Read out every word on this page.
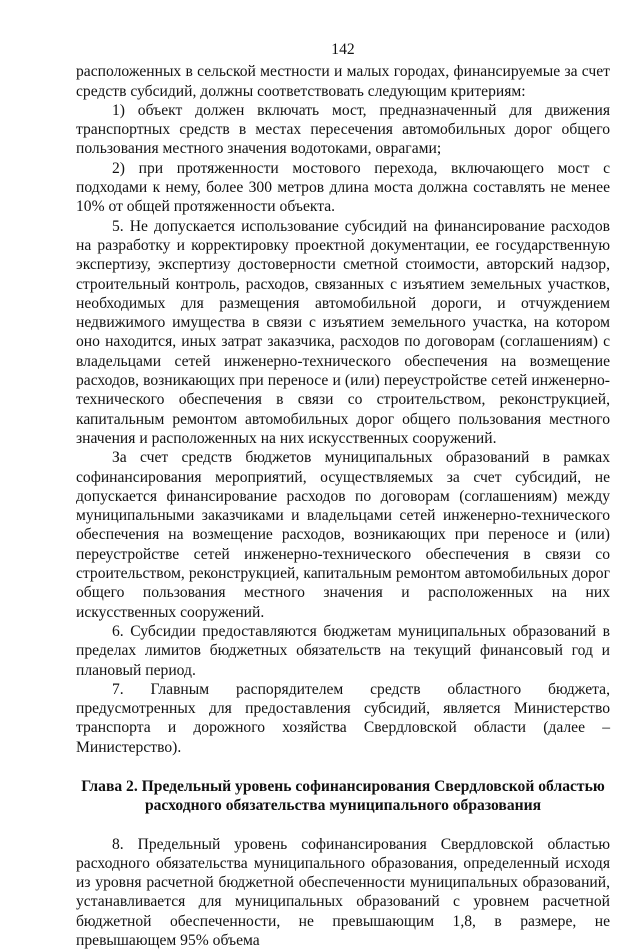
142

расположенных в сельской местности и малых городах, финансируемые за счет средств субсидий, должны соответствовать следующим критериям:

1) объект должен включать мост, предназначенный для движения транспортных средств в местах пересечения автомобильных дорог общего пользования местного значения водотоками, оврагами;

2) при протяженности мостового перехода, включающего мост с подходами к нему, более 300 метров длина моста должна составлять не менее 10% от общей протяженности объекта.

5. Не допускается использование субсидий на финансирование расходов на разработку и корректировку проектной документации, ее государственную экспертизу, экспертизу достоверности сметной стоимости, авторский надзор, строительный контроль, расходов, связанных с изъятием земельных участков, необходимых для размещения автомобильной дороги, и отчуждением недвижимого имущества в связи с изъятием земельного участка, на котором оно находится, иных затрат заказчика, расходов по договорам (соглашениям) с владельцами сетей инженерно-технического обеспечения на возмещение расходов, возникающих при переносе и (или) переустройстве сетей инженерно-технического обеспечения в связи со строительством, реконструкцией, капитальным ремонтом автомобильных дорог общего пользования местного значения и расположенных на них искусственных сооружений.

За счет средств бюджетов муниципальных образований в рамках софинансирования мероприятий, осуществляемых за счет субсидий, не допускается финансирование расходов по договорам (соглашениям) между муниципальными заказчиками и владельцами сетей инженерно-технического обеспечения на возмещение расходов, возникающих при переносе и (или) переустройстве сетей инженерно-технического обеспечения в связи со строительством, реконструкцией, капитальным ремонтом автомобильных дорог общего пользования местного значения и расположенных на них искусственных сооружений.

6. Субсидии предоставляются бюджетам муниципальных образований в пределах лимитов бюджетных обязательств на текущий финансовый год и плановый период.

7. Главным распорядителем средств областного бюджета, предусмотренных для предоставления субсидий, является Министерство транспорта и дорожного хозяйства Свердловской области (далее – Министерство).

Глава 2. Предельный уровень софинансирования Свердловской областью расходного обязательства муниципального образования

8. Предельный уровень софинансирования Свердловской областью расходного обязательства муниципального образования, определенный исходя из уровня расчетной бюджетной обеспеченности муниципальных образований, устанавливается для муниципальных образований с уровнем расчетной бюджетной обеспеченности, не превышающим 1,8, в размере, не превышающем 95% объема
